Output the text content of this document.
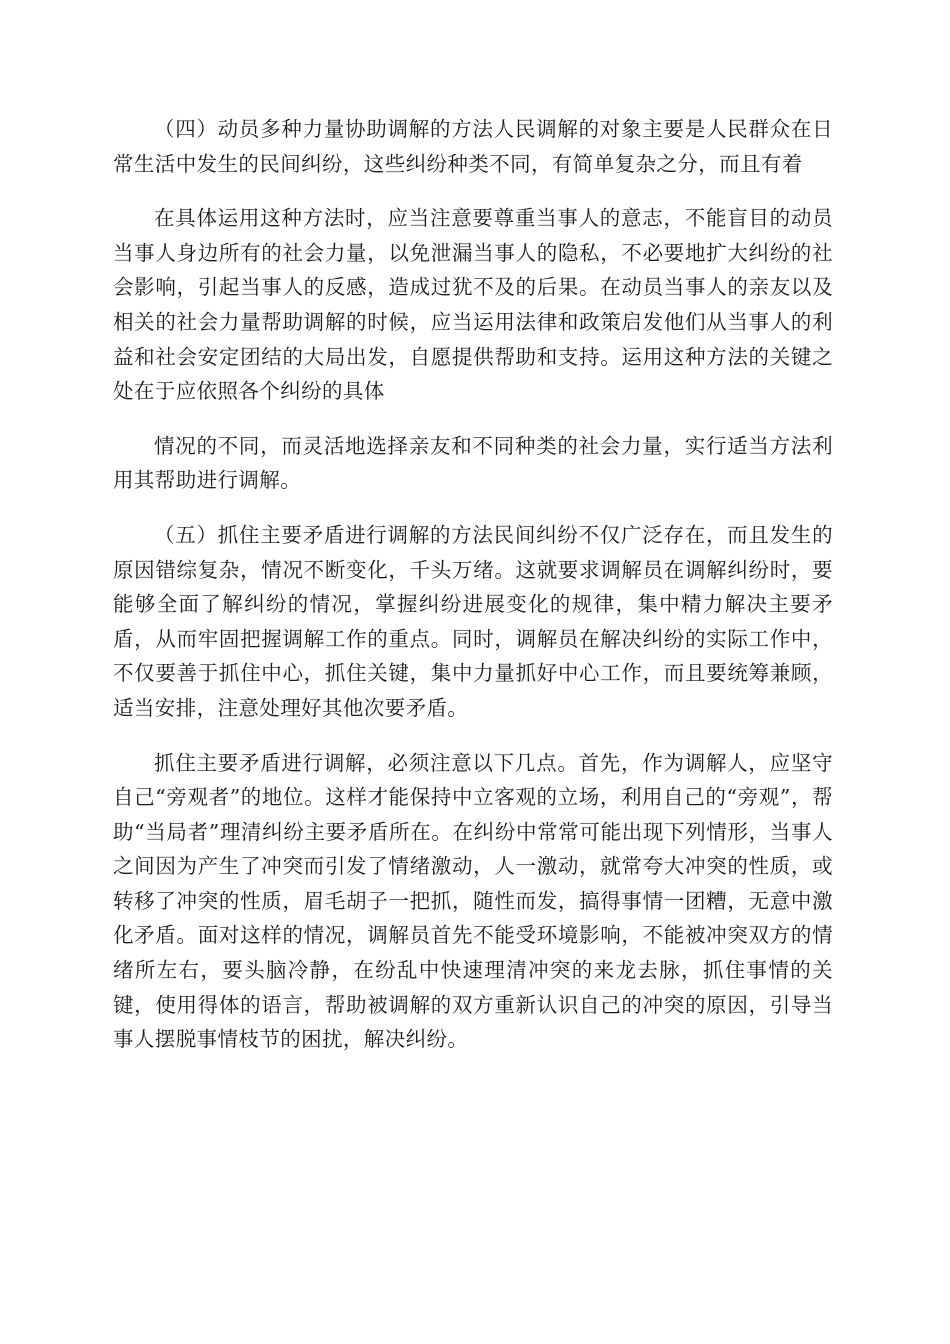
（四）动员多种力量协助调解的方法人民调解的对象主要是人民群众在日常生活中发生的民间纠纷，这些纠纷种类不同，有简单复杂之分，而且有着

在具体运用这种方法时，应当注意要尊重当事人的意志，不能盲目的动员当事人身边所有的社会力量，以免泄漏当事人的隐私，不必要地扩大纠纷的社会影响，引起当事人的反感，造成过犹不及的后果。在动员当事人的亲友以及相关的社会力量帮助调解的时候，应当运用法律和政策启发他们从当事人的利益和社会安定团结的大局出发，自愿提供帮助和支持。运用这种方法的关键之处在于应依照各个纠纷的具体

情况的不同，而灵活地选择亲友和不同种类的社会力量，实行适当方法利用其帮助进行调解。

（五）抓住主要矛盾进行调解的方法民间纠纷不仅广泛存在，而且发生的原因错综复杂，情况不断变化，千头万绪。这就要求调解员在调解纠纷时，要能够全面了解纠纷的情况，掌握纠纷进展变化的规律，集中精力解决主要矛盾，从而牢固把握调解工作的重点。同时，调解员在解决纠纷的实际工作中，不仅要善于抓住中心，抓住关键，集中力量抓好中心工作，而且要统筹兼顾，适当安排，注意处理好其他次要矛盾。

抓住主要矛盾进行调解，必须注意以下几点。首先，作为调解人，应坚守自己“旁观者”的地位。这样才能保持中立客观的立场，利用自己的“旁观”，帮助“当局者”理清纠纷主要矛盾所在。在纠纷中常常可能出现下列情形，当事人之间因为产生了冲突而引发了情绪激动，人一激动，就常夸大冲突的性质，或转移了冲突的性质，眉毛胡子一把抓，随性而发，搞得事情一团糟，无意中激化矛盾。面对这样的情况，调解员首先不能受环境影响，不能被冲突双方的情绪所左右，要头脑冷静，在纷乱中快速理清冲突的来龙去脉，抓住事情的关键，使用得体的语言，帮助被调解的双方重新认识自己的冲突的原因，引导当事人摆脱事情枝节的困扰，解决纠纷。
